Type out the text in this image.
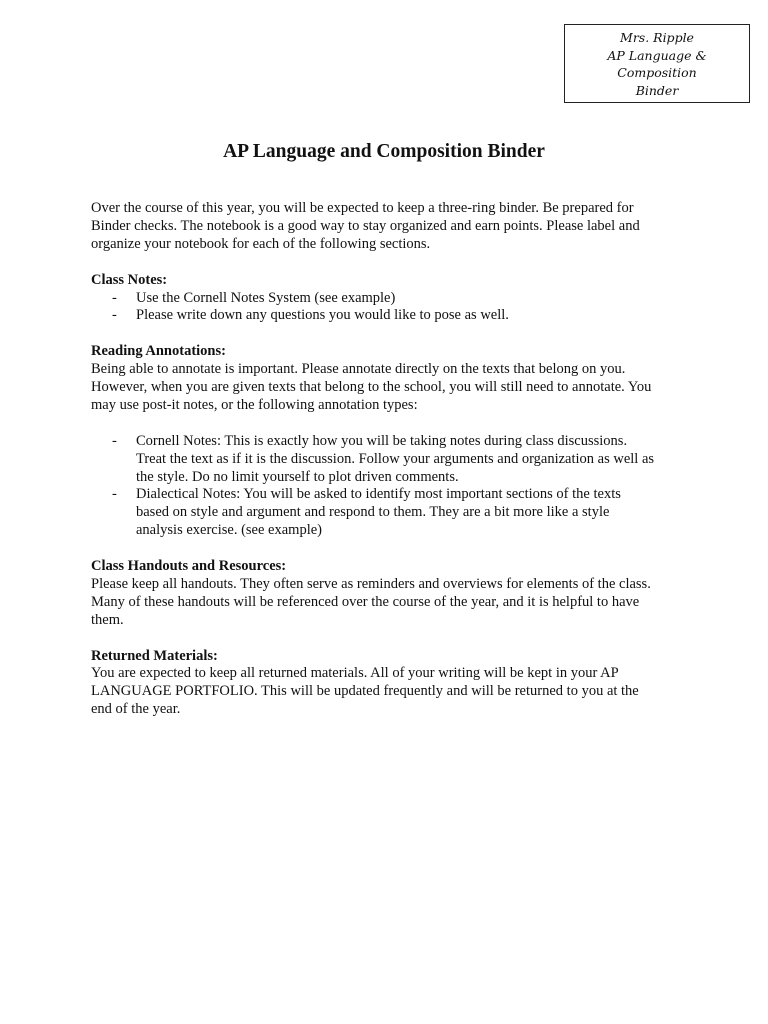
Mrs. Ripple
AP Language &
Composition
Binder
AP Language and Composition Binder

Over the course of this year, you will be expected to keep a three-ring binder. Be prepared for

Binder checks. The notebook is a good way to stay organized and earn points. Please label and

organize your notebook for each of the following sections.

Class Notes:

- Use the Cornell Notes System (see example)
- Please write down any questions you would like to pose as well.

Reading Annotations:

Being able to annotate is important. Please annotate directly on the texts that belong on you.

However, when you are given texts that belong to the school, you will still need to annotate. You

may use post-it notes, or the following annotation types:

- Cornell Notes: This is exactly how you will be taking notes during class discussions.

Treat the text as if it is the discussion. Follow your arguments and organization as well as

the style. Do no limit yourself to plot driven comments.

- Dialectical Notes: You will be asked to identify most important sections of the texts

based on style and argument and respond to them. They are a bit more like a style

analysis exercise. (see example)

Class Handouts and Resources:

Please keep all handouts. They often serve as reminders and overviews for elements of the class.

Many of these handouts will be referenced over the course of the year, and it is helpful to have

them.

Returned Materials:

You are expected to keep all returned materials. All of your writing will be kept in your AP

LANGUAGE PORTFOLIO. This will be updated frequently and will be returned to you at the

end of the year.
